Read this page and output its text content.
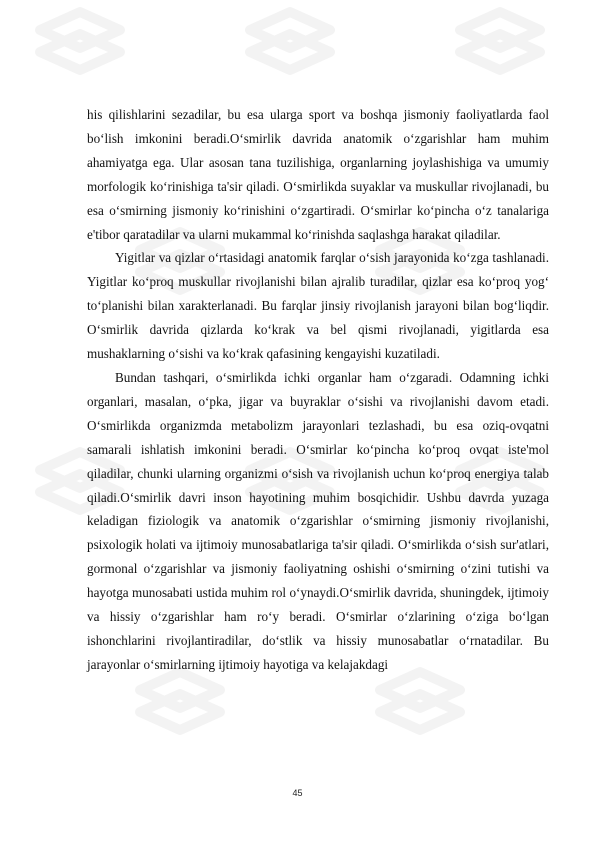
his qilishlarini sezadilar, bu esa ularga sport va boshqa jismoniy faoliyatlarda faol bo‘lish imkonini beradi.O‘smirlik davrida anatomik o‘zgarishlar ham muhim ahamiyatga ega. Ular asosan tana tuzilishiga, organlarning joylashishiga va umumiy morfologik ko‘rinishiga ta'sir qiladi. O‘smirlikda suyaklar va muskullar rivojlanadi, bu esa o‘smirning jismoniy ko‘rinishini o‘zgartiradi. O‘smirlar ko‘pincha o‘z tanalariga e'tibor qaratadilar va ularni mukammal ko‘rinishda saqlashga harakat qiladilar.

Yigitlar va qizlar o‘rtasidagi anatomik farqlar o‘sish jarayonida ko‘zga tashlanadi. Yigitlar ko‘proq muskullar rivojlanishi bilan ajralib turadilar, qizlar esa ko‘proq yog‘ to‘planishi bilan xarakterlanadi. Bu farqlar jinsiy rivojlanish jarayoni bilan bog‘liqdir. O‘smirlik davrida qizlarda ko‘krak va bel qismi rivojlanadi, yigitlarda esa mushaklarning o‘sishi va ko‘krak qafasining kengayishi kuzatiladi.

Bundan tashqari, o‘smirlikda ichki organlar ham o‘zgaradi. Odamning ichki organlari, masalan, o‘pka, jigar va buyraklar o‘sishi va rivojlanishi davom etadi. O‘smirlikda organizmda metabolizm jarayonlari tezlashadi, bu esa oziq-ovqatni samarali ishlatish imkonini beradi. O‘smirlar ko‘pincha ko‘proq ovqat iste'mol qiladilar, chunki ularning organizmi o‘sish va rivojlanish uchun ko‘proq energiya talab qiladi.O‘smirlik davri inson hayotining muhim bosqichidir. Ushbu davrda yuzaga keladigan fiziologik va anatomik o‘zgarishlar o‘smirning jismoniy rivojlanishi, psixologik holati va ijtimoiy munosabatlariga ta'sir qiladi. O‘smirlikda o‘sish sur'atlari, gormonal o‘zgarishlar va jismoniy faoliyatning oshishi o‘smirning o‘zini tutishi va hayotga munosabati ustida muhim rol o‘ynaydi.O‘smirlik davrida, shuningdek, ijtimoiy va hissiy o‘zgarishlar ham ro‘y beradi. O‘smirlar o‘zlarining o‘ziga bo‘lgan ishonchlarini rivojlantiradilar, do‘stlik va hissiy munosabatlar o‘rnatadilar. Bu jarayonlar o‘smirlarning ijtimoiy hayotiga va kelajakdagi

45
